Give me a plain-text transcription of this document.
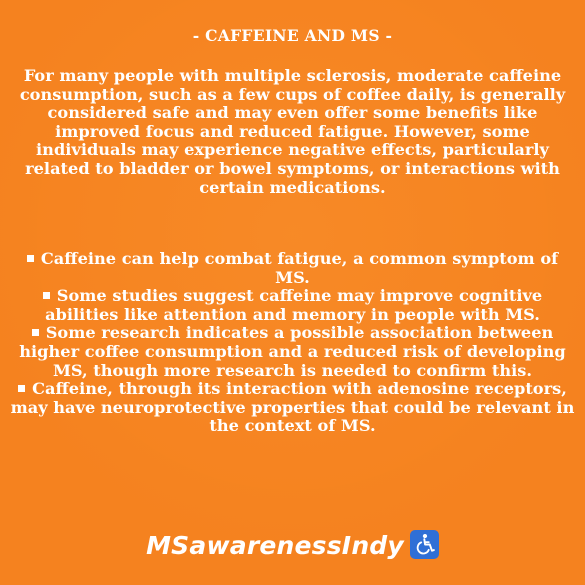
- CAFFEINE AND MS -
For many people with multiple sclerosis, moderate caffeine consumption, such as a few cups of coffee daily, is generally considered safe and may even offer some benefits like improved focus and reduced fatigue. However, some individuals may experience negative effects, particularly related to bladder or bowel symptoms, or interactions with certain medications.
Caffeine can help combat fatigue, a common symptom of MS.
Some studies suggest caffeine may improve cognitive abilities like attention and memory in people with MS.
Some research indicates a possible association between higher coffee consumption and a reduced risk of developing MS, though more research is needed to confirm this.
Caffeine, through its interaction with adenosine receptors, may have neuroprotective properties that could be relevant in the context of MS.
MSawarenessIndy
